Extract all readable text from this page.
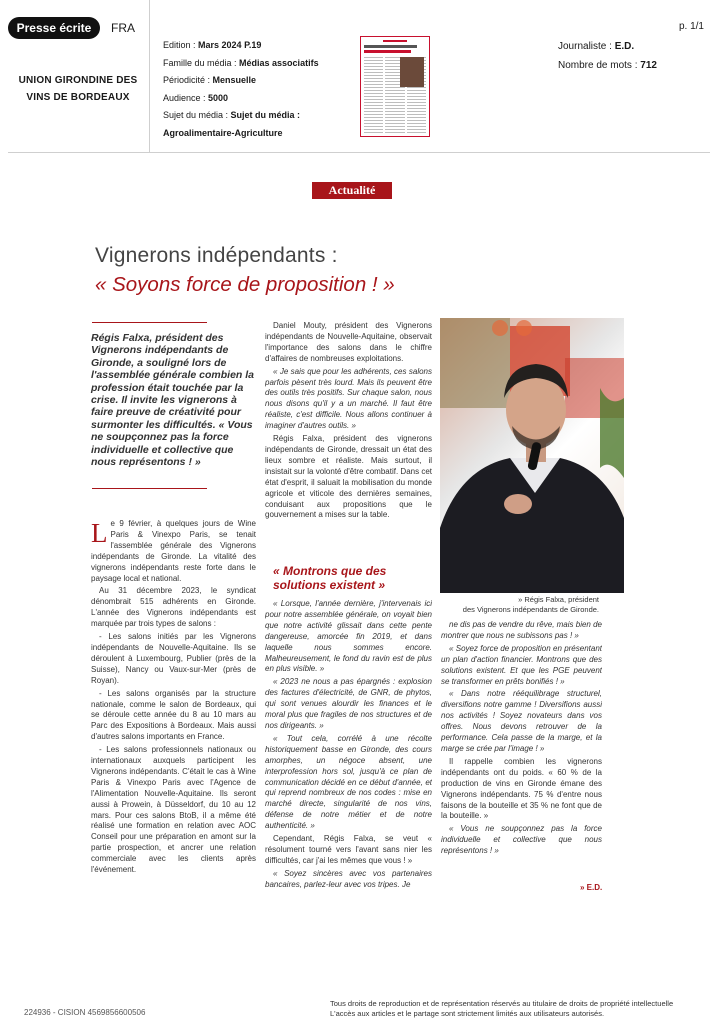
Presse écrite	FRA	p. 1/1
UNION GIRONDINE DES
VINS DE BORDEAUX
Edition : Mars 2024 P.19
Famille du média : Médias associatifs
Périodicité : Mensuelle
Audience : 5000
Sujet du média : Sujet du média :
Agroalimentaire-Agriculture
Journaliste : E.D.
Nombre de mots : 712
Actualité
Vignerons indépendants :
« Soyons force de proposition ! »
Régis Falxa, président des Vignerons indépendants de Gironde, a souligné lors de l'assemblée générale combien la profession était touchée par la crise. Il invite les vignerons à faire preuve de créativité pour surmonter les difficultés. « Vous ne soupçonnez pas la force individuelle et collective que nous représentons ! »

Le 9 février, à quelques jours de Wine Paris & Vinexpo Paris, se tenait l'assemblée générale des Vignerons indépendants de Gironde. La vitalité des vignerons indépendants reste forte dans le paysage local et national.

Au 31 décembre 2023, le syndicat dénombrait 515 adhérents en Gironde. L'année des Vignerons indépendants est marquée par trois types de salons :

- Les salons initiés par les Vignerons indépendants de Nouvelle-Aquitaine. Ils se déroulent à Luxembourg, Publier (près de la Suisse), Nancy ou Vaux-sur-Mer (près de Royan).

- Les salons organisés par la structure nationale, comme le salon de Bordeaux, qui se déroule cette année du 8 au 10 mars au Parc des Expositions à Bordeaux. Mais aussi d'autres salons importants en France.

- Les salons professionnels nationaux ou internationaux auxquels participent les Vignerons indépendants. C'était le cas à Wine Paris & Vinexpo Paris avec l'Agence de l'Alimentation Nouvelle-Aquitaine. Ils seront aussi à Prowein, à Düsseldorf, du 10 au 12 mars. Pour ces salons BtoB, il a même été réalisé une formation en relation avec AOC Conseil pour une préparation en amont sur la partie prospection, et ancrer une relation commerciale avec les clients après l'événement.

Daniel Mouty, président des Vignerons indépendants de Nouvelle-Aquitaine, observait l'importance des salons dans le chiffre d'affaires de nombreuses exploitations.

« Je sais que pour les adhérents, ces salons parfois pèsent très lourd. Mais ils peuvent être des outils très positifs. Sur chaque salon, nous nous disons qu'il y a un marché. Il faut être réaliste, c'est difficile. Nous allons continuer à imaginer d'autres outils. »

Régis Falxa, président des vignerons indépendants de Gironde, dressait un état des lieux sombre et réaliste. Mais surtout, il insistait sur la volonté d'être combatif. Dans cet état d'esprit, il saluait la mobilisation du monde agricole et viticole des dernières semaines, conduisant aux propositions que le gouvernement a mises sur la table.

« Montrons que des solutions existent »

« Lorsque, l'année dernière, j'intervenais ici pour notre assemblée générale, on voyait bien que notre activité glissait dans cette pente dangereuse, amorcée fin 2019, et dans laquelle nous sommes encore. Malheureusement, le fond du ravin est de plus en plus visible. »

« 2023 ne nous a pas épargnés : explosion des factures d'électricité, de GNR, de phytos, qui sont venues alourdir les finances et le moral plus que fragiles de nos structures et de nos dirigeants. »

« Tout cela, corrélé à une récolte historiquement basse en Gironde, des cours amorphes, un négoce absent, une interprofession hors sol, jusqu'à ce plan de communication décidé en ce début d'année, et qui reprend nombreux de nos codes : mise en marché directe, singularité de nos vins, défense de notre métier et de notre authenticité. »

Cependant, Régis Falxa, se veut « résolument tourné vers l'avant sans nier les difficultés, car j'ai les mêmes que vous ! »

« Soyez sincères avec vos partenaires bancaires, parlez-leur avec vos tripes. Je

» Régis Falxa, président
des Vignerons indépendants de Gironde.

ne dis pas de vendre du rêve, mais bien de montrer que nous ne subissons pas ! »

« Soyez force de proposition en présentant un plan d'action financier. Montrons que des solutions existent. Et que les PGE peuvent se transformer en prêts bonifiés ! »

« Dans notre rééquilibrage structurel, diversifions notre gamme ! Diversifions aussi nos activités ! Soyez novateurs dans vos offres. Nous devons retrouver de la performance. Cela passe de la marge, et la marge se crée par l'image ! »

Il rappelle combien les vignerons indépendants ont du poids. « 60 % de la production de vins en Gironde émane des Vignerons indépendants. 75 % d'entre nous faisons de la bouteille et 35 % ne font que de la bouteille. »

« Vous ne soupçonnez pas la force individuelle et collective que nous représentons ! »

» E.D.
224936 - CISION 4569856600506
Tous droits de reproduction et de représentation réservés au titulaire de droits de propriété intellectuelle
L'accès aux articles et le partage sont strictement limités aux utilisateurs autorisés.
